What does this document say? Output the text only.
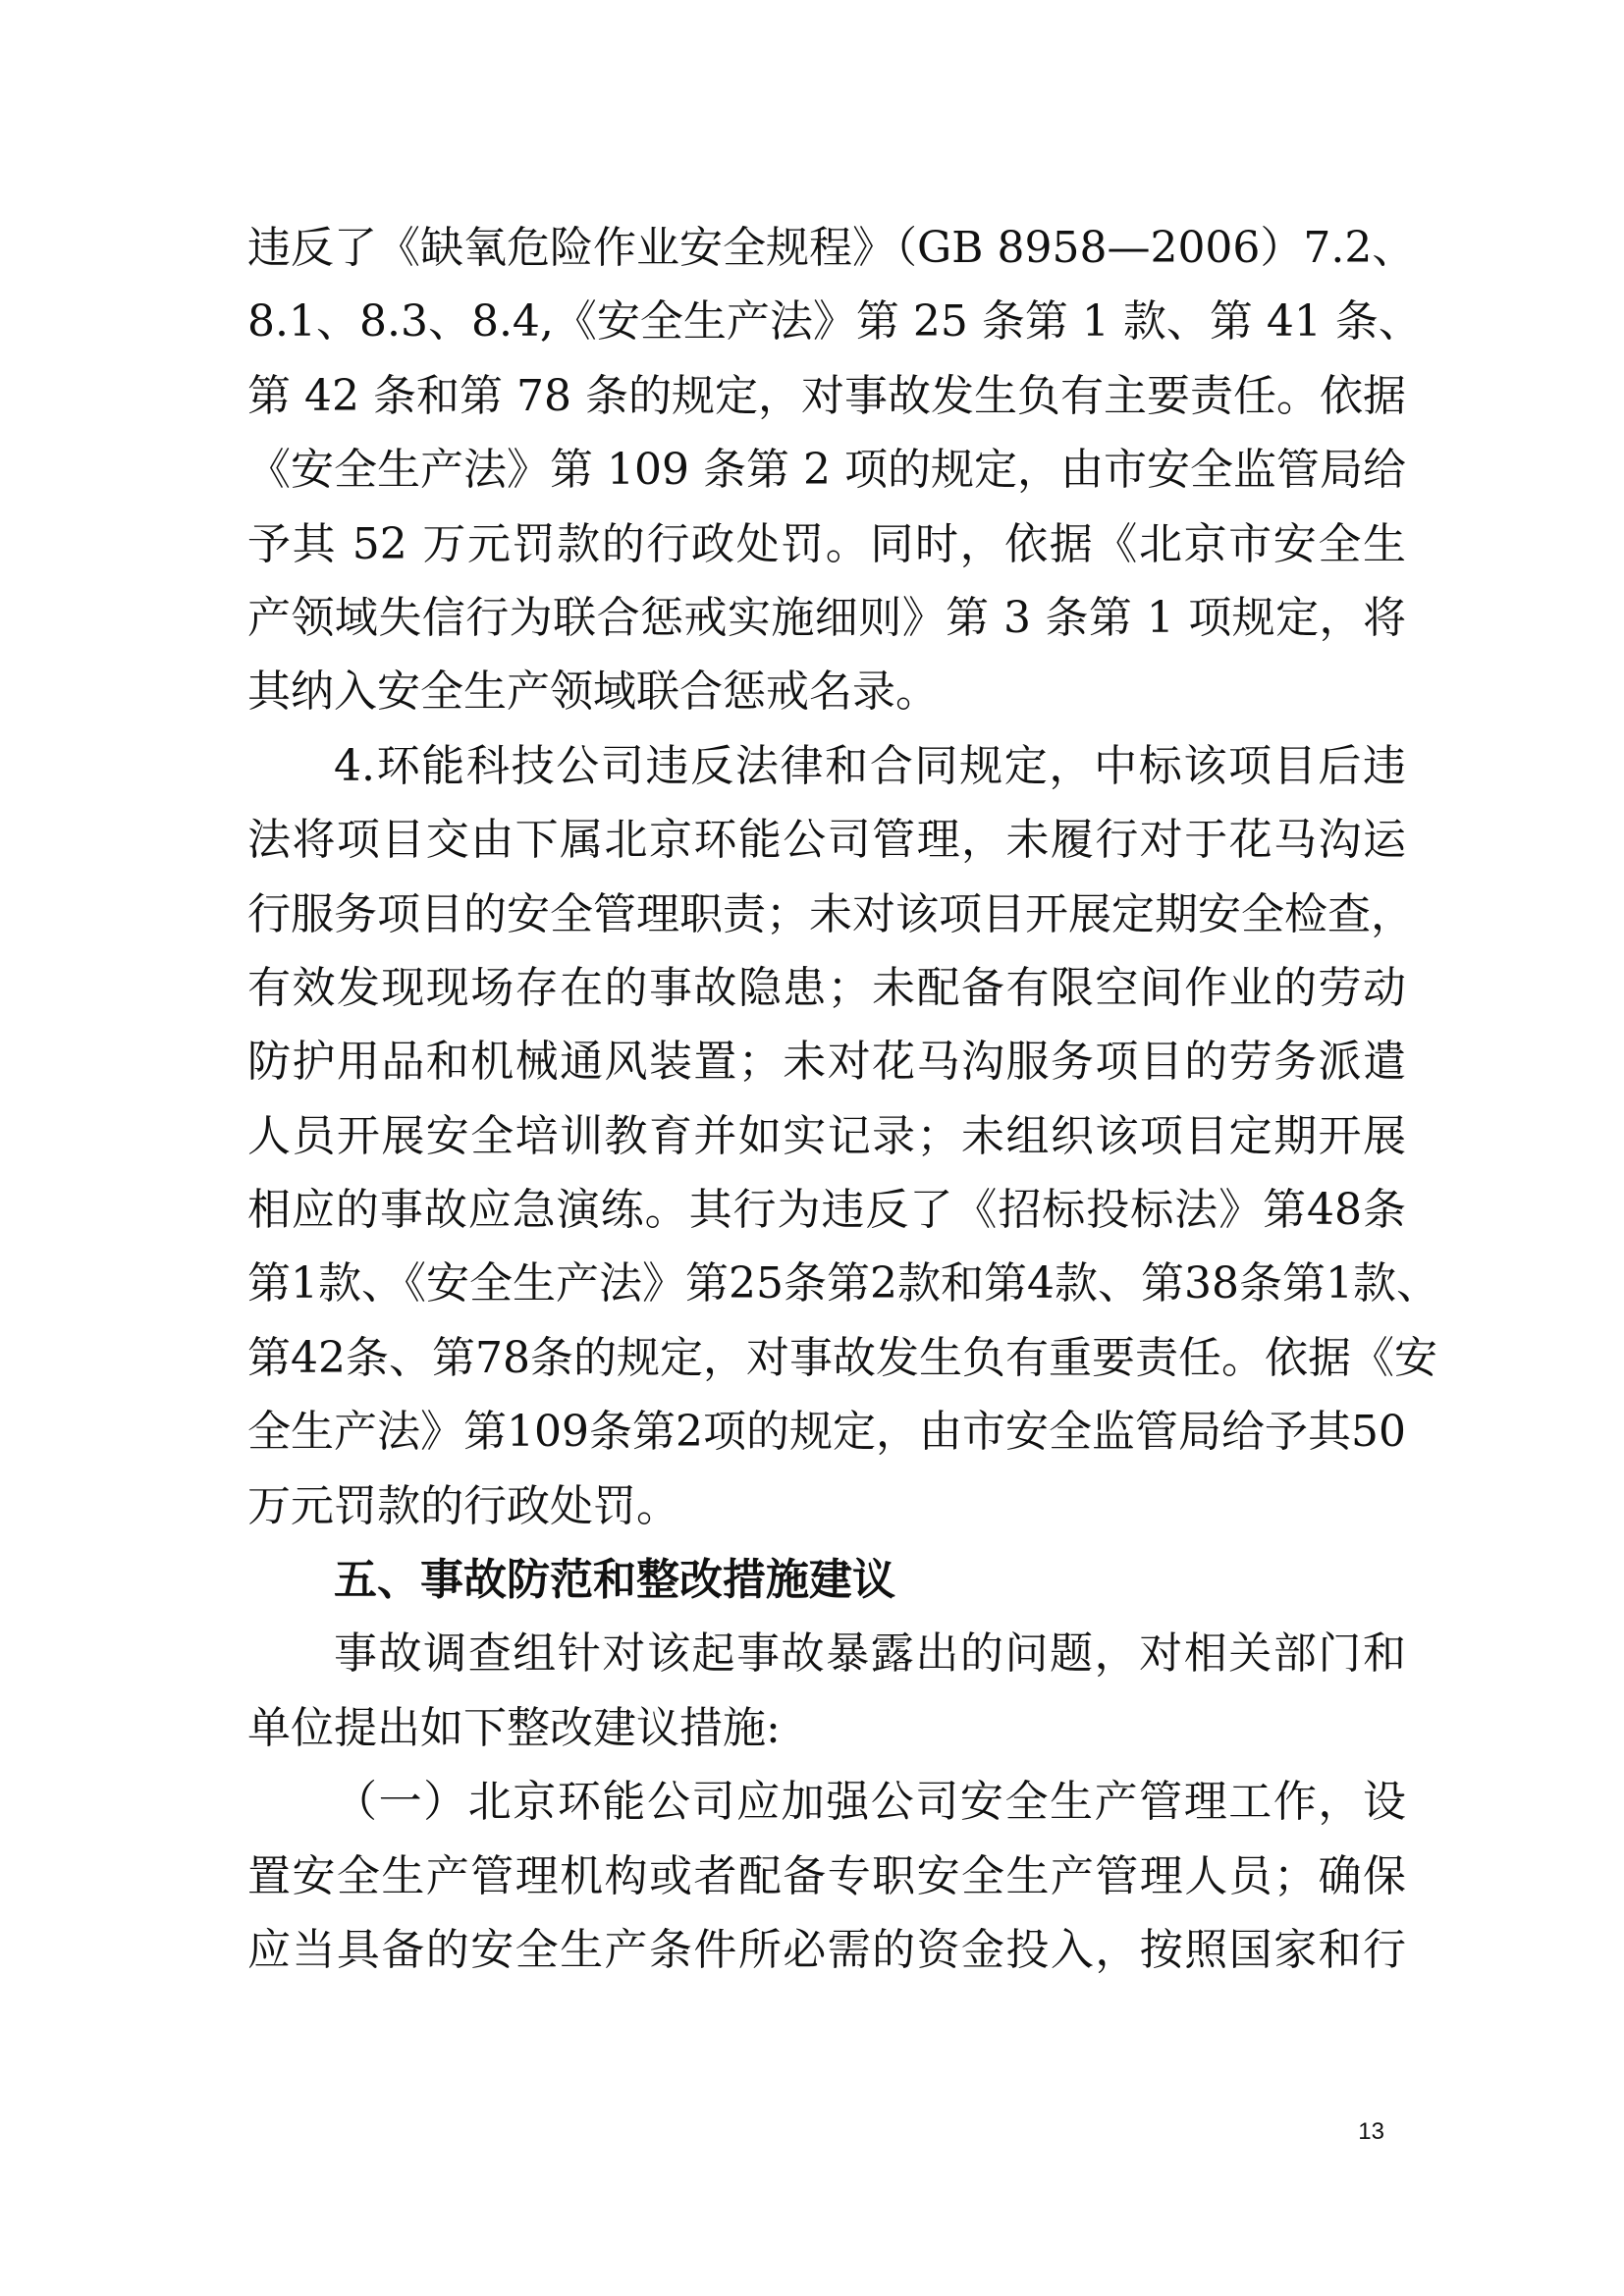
违反了《缺氧危险作业安全规程》（GB 8958—2006）7.2、
8.1、8.3、8.4,《安全生产法》第 25 条第 1 款、第 41 条、
第 42 条和第 78 条的规定，对事故发生负有主要责任。依据
《安全生产法》第 109 条第 2 项的规定，由市安全监管局给
予其 52 万元罚款的行政处罚。同时，依据《北京市安全生
产领域失信行为联合惩戒实施细则》第 3 条第 1 项规定，将
其纳入安全生产领域联合惩戒名录。
4.环能科技公司违反法律和合同规定，中标该项目后违
法将项目交由下属北京环能公司管理，未履行对于花马沟运
行服务项目的安全管理职责；未对该项目开展定期安全检查，
有效发现现场存在的事故隐患；未配备有限空间作业的劳动
防护用品和机械通风装置；未对花马沟服务项目的劳务派遣
人员开展安全培训教育并如实记录；未组织该项目定期开展
相应的事故应急演练。其行为违反了《招标投标法》第48条
第1款、《安全生产法》第25条第2款和第4款、第38条第1款、
第42条、第78条的规定，对事故发生负有重要责任。依据《安
全生产法》第109条第2项的规定，由市安全监管局给予其50
万元罚款的行政处罚。
五、事故防范和整改措施建议
事故调查组针对该起事故暴露出的问题，对相关部门和
单位提出如下整改建议措施:
（一）北京环能公司应加强公司安全生产管理工作，设
置安全生产管理机构或者配备专职安全生产管理人员；确保
应当具备的安全生产条件所必需的资金投入，按照国家和行
13
